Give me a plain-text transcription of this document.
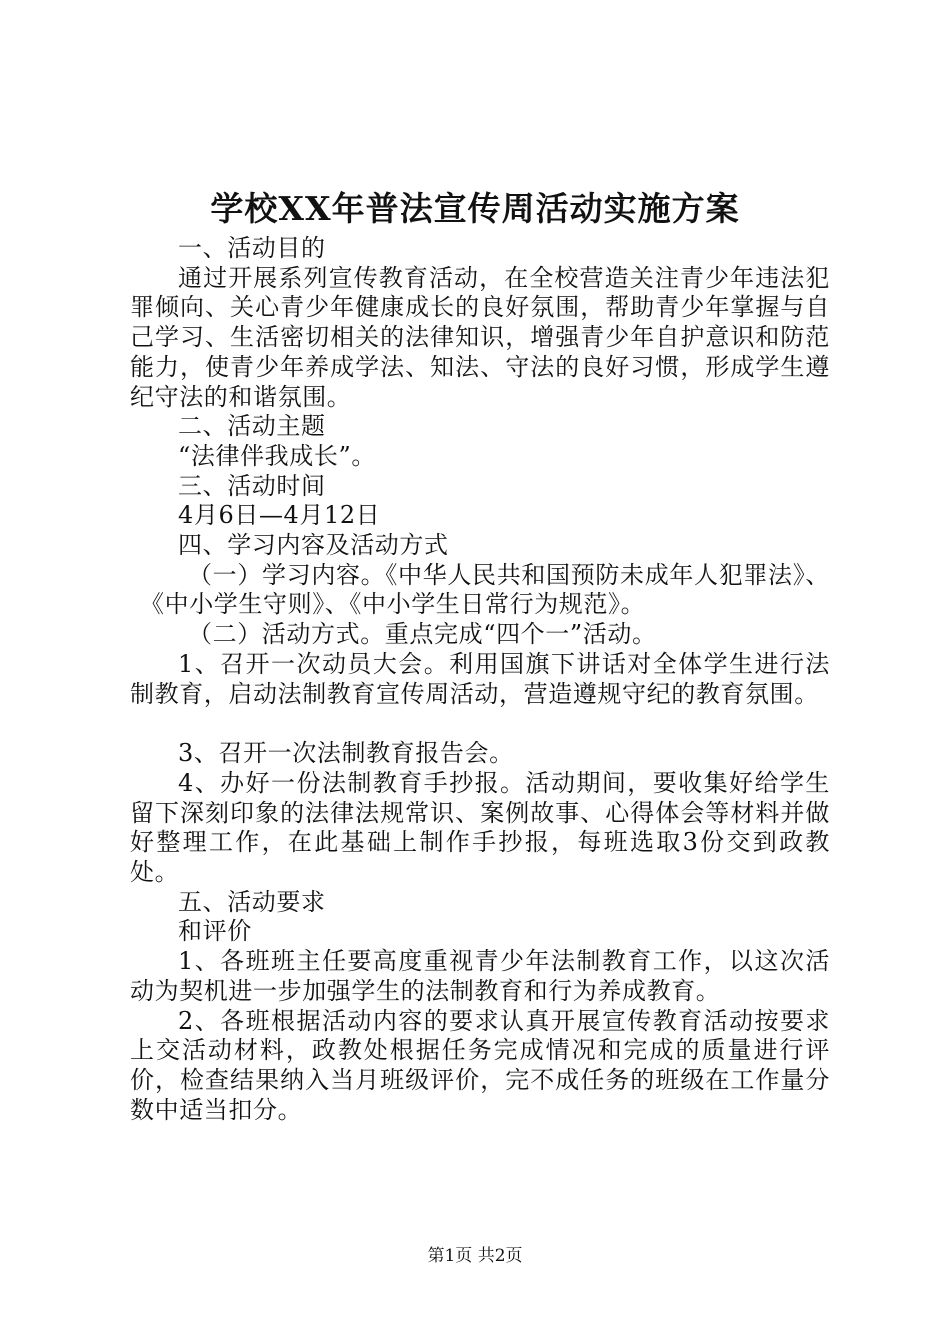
学校XX年普法宣传周活动实施方案

一、活动目的

通过开展系列宣传教育活动，在全校营造关注青少年违法犯罪倾向、关心青少年健康成长的良好氛围，帮助青少年掌握与自己学习、生活密切相关的法律知识，增强青少年自护意识和防范能力，使青少年养成学法、知法、守法的良好习惯，形成学生遵纪守法的和谐氛围。

二、活动主题

“法律伴我成长”。

三、活动时间

4月6日—4月12日

四、学习内容及活动方式

（一）学习内容。《中华人民共和国预防未成年人犯罪法》、《中小学生守则》、《中小学生日常行为规范》。

（二）活动方式。重点完成“四个一”活动。

1、召开一次动员大会。利用国旗下讲话对全体学生进行法制教育，启动法制教育宣传周活动，营造遵规守纪的教育氛围。

3、召开一次法制教育报告会。

4、办好一份法制教育手抄报。活动期间，要收集好给学生留下深刻印象的法律法规常识、案例故事、心得体会等材料并做好整理工作，在此基础上制作手抄报，每班选取3份交到政教处。

五、活动要求

和评价

1、各班班主任要高度重视青少年法制教育工作，以这次活动为契机进一步加强学生的法制教育和行为养成教育。

2、各班根据活动内容的要求认真开展宣传教育活动按要求上交活动材料，政教处根据任务完成情况和完成的质量进行评价，检查结果纳入当月班级评价，完不成任务的班级在工作量分数中适当扣分。

第1页 共2页
